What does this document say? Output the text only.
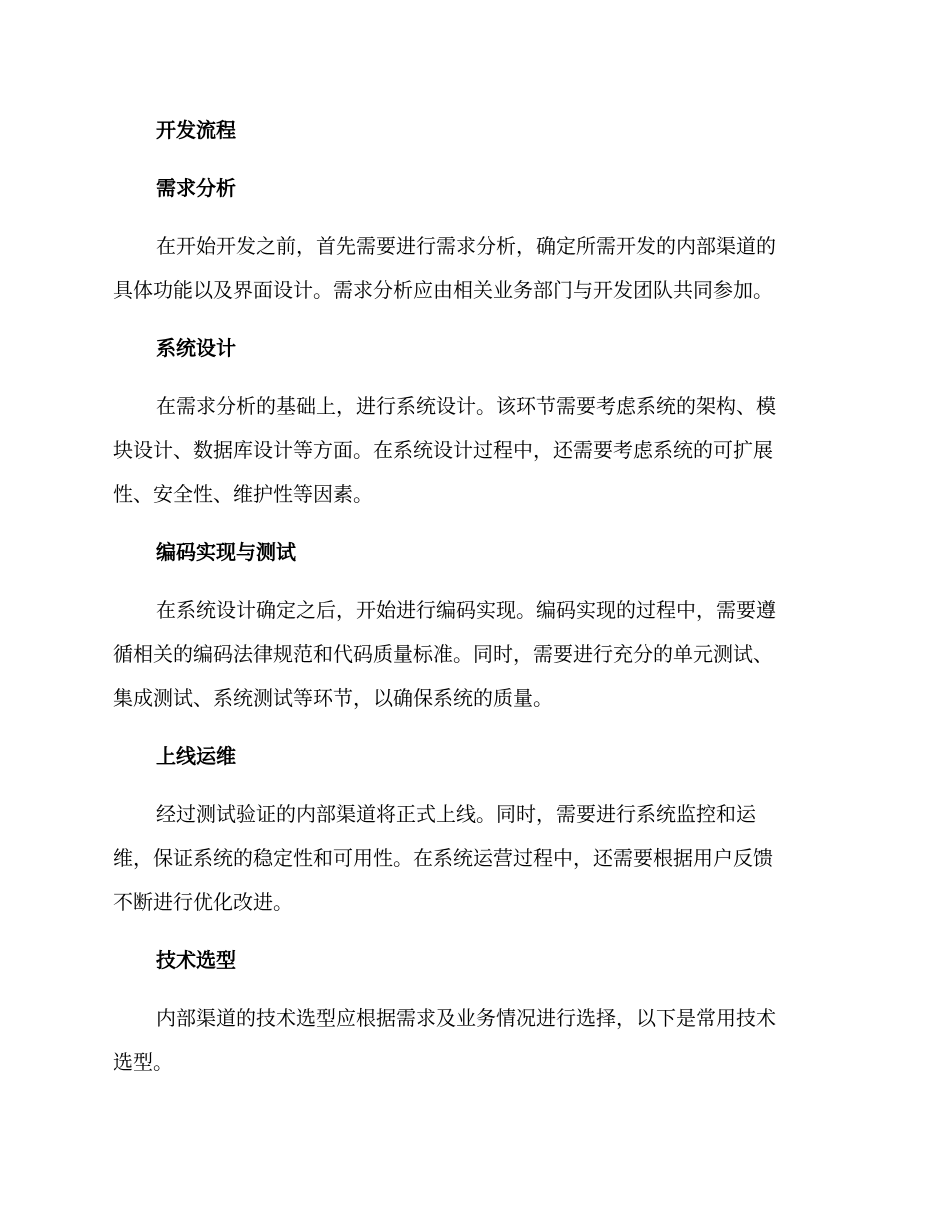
开发流程
需求分析
在开始开发之前，首先需要进行需求分析，确定所需开发的内部渠道的
具体功能以及界面设计。需求分析应由相关业务部门与开发团队共同参加。
系统设计
在需求分析的基础上，进行系统设计。该环节需要考虑系统的架构、模
块设计、数据库设计等方面。在系统设计过程中，还需要考虑系统的可扩展
性、安全性、维护性等因素。
编码实现与测试
在系统设计确定之后，开始进行编码实现。编码实现的过程中，需要遵
循相关的编码法律规范和代码质量标准。同时，需要进行充分的单元测试、
集成测试、系统测试等环节，以确保系统的质量。
上线运维
经过测试验证的内部渠道将正式上线。同时，需要进行系统监控和运
维，保证系统的稳定性和可用性。在系统运营过程中，还需要根据用户反馈
不断进行优化改进。
技术选型
内部渠道的技术选型应根据需求及业务情况进行选择，以下是常用技术
选型。
